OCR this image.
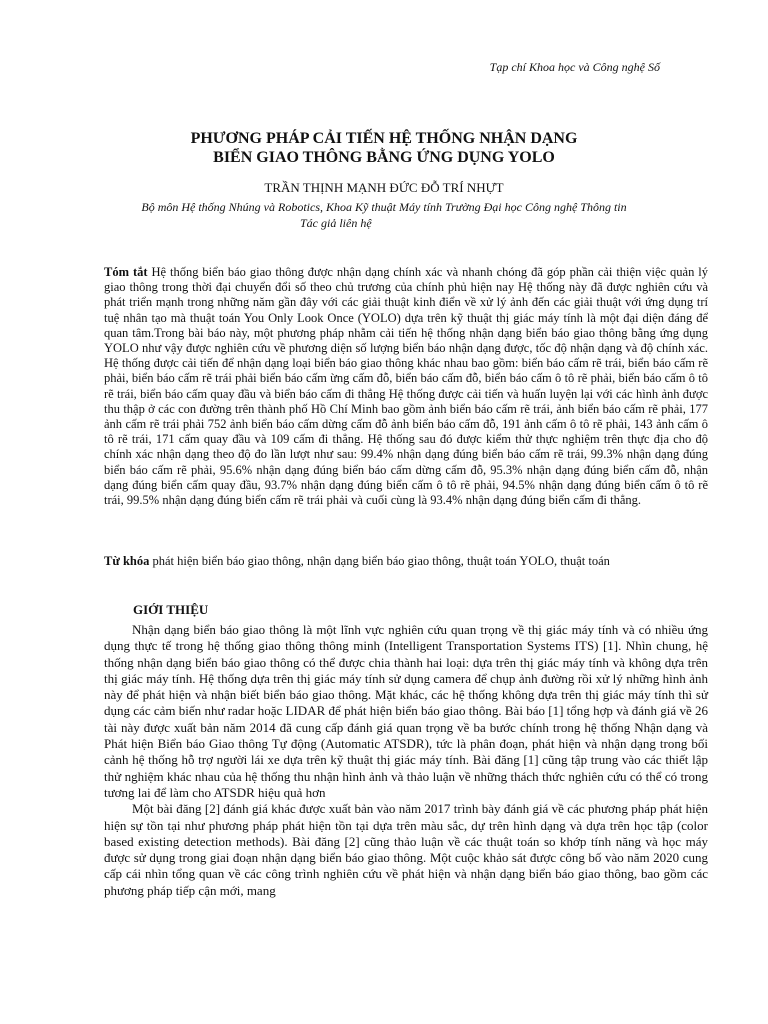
Tạp chí Khoa học và Công nghệ Số
PHƯƠNG PHÁP CẢI TIẾN HỆ THỐNG NHẬN DẠNG
BIỂN GIAO THÔNG BẰNG ỨNG DỤNG YOLO
TRẦN THỊNH MẠNH ĐỨC ĐỖ TRÍ NHỰT
Bộ môn Hệ thống Nhúng và Robotics, Khoa Kỹ thuật Máy tính Trường Đại học Công nghệ Thông tin
Tác giả liên hệ
Tóm tắt Hệ thống biển báo giao thông được nhận dạng chính xác và nhanh chóng đã góp phần cải thiện việc quản lý giao thông trong thời đại chuyển đổi số theo chủ trương của chính phủ hiện nay Hệ thống này đã được nghiên cứu và phát triển mạnh trong những năm gần đây với các giải thuật kinh điển về xử lý ảnh đến các giải thuật với ứng dụng trí tuệ nhân tạo mà thuật toán You Only Look Once (YOLO) dựa trên kỹ thuật thị giác máy tính là một đại diện đáng để quan tâm.Trong bài báo này, một phương pháp nhằm cải tiến hệ thống nhận dạng biển báo giao thông bằng ứng dụng YOLO như vậy được nghiên cứu về phương diện số lượng biển báo nhận dạng được, tốc độ nhận dạng và độ chính xác. Hệ thống được cải tiến để nhận dạng loại biển báo giao thông khác nhau bao gồm: biển báo cấm rẽ trái, biển báo cấm rẽ phải, biển báo cấm rẽ trái phải biển báo cấm ừng cấm đỗ, biển báo cấm đỗ, biển báo cấm ô tô rẽ phải, biển báo cấm ô tô rẽ trái, biển báo cấm quay đầu và biển báo cấm đi thẳng Hệ thống được cải tiến và huấn luyện lại với các hình ảnh được thu thập ở các con đường trên thành phố Hồ Chí Minh bao gồm ảnh biển báo cấm rẽ trái, ảnh biển báo cấm rẽ phải, 177 ảnh cấm rẽ trái phải 752 ảnh biển báo cấm dừng cấm đỗ ảnh biển báo cấm đỗ, 191 ảnh cấm ô tô rẽ phải, 143 ảnh cấm ô tô rẽ trái, 171 cấm quay đầu và 109 cấm đi thẳng. Hệ thống sau đó được kiểm thử thực nghiệm trên thực địa cho độ chính xác nhận dạng theo độ đo lần lượt như sau: 99.4% nhận dạng đúng biển báo cấm rẽ trái, 99.3% nhận dạng đúng biển báo cấm rẽ phải, 95.6% nhận dạng đúng biển báo cấm dừng cấm đỗ, 95.3% nhận dạng đúng biển cấm đỗ, nhận dạng đúng biển cấm quay đầu, 93.7% nhận dạng đúng biển cấm ô tô rẽ phải, 94.5% nhận dạng đúng biển cấm ô tô rẽ trái, 99.5% nhận dạng đúng biển cấm rẽ trái phải và cuối cùng là 93.4% nhận dạng đúng biển cấm đi thẳng.
Từ khóa phát hiện biển báo giao thông, nhận dạng biển báo giao thông, thuật toán YOLO, thuật toán
GIỚI THIỆU

Nhận dạng biển báo giao thông là một lĩnh vực nghiên cứu quan trọng về thị giác máy tính và có nhiều ứng dụng thực tế trong hệ thống giao thông thông minh (Intelligent Transportation Systems ITS) [1]. Nhìn chung, hệ thống nhận dạng biển báo giao thông có thể được chia thành hai loại: dựa trên thị giác máy tính và không dựa trên thị giác máy tính. Hệ thống dựa trên thị giác máy tính sử dụng camera để chụp ảnh đường rồi xử lý những hình ảnh này để phát hiện và nhận biết biển báo giao thông. Mặt khác, các hệ thống không dựa trên thị giác máy tính thì sử dụng các cảm biến như radar hoặc LIDAR để phát hiện biển báo giao thông. Bài báo [1] tổng hợp và đánh giá về 26 tài này được xuất bản năm 2014 đã cung cấp đánh giá quan trọng về ba bước chính trong hệ thống Nhận dạng và Phát hiện Biển báo Giao thông Tự động (Automatic ATSDR), tức là phân đoạn, phát hiện và nhận dạng trong bối cảnh hệ thống hỗ trợ người lái xe dựa trên kỹ thuật thị giác máy tính. Bài đăng [1] cũng tập trung vào các thiết lập thử nghiệm khác nhau của hệ thống thu nhận hình ảnh và thảo luận về những thách thức nghiên cứu có thể có trong tương lai để làm cho ATSDR hiệu quả hơn

Một bài đăng [2] đánh giá khác được xuất bản vào năm 2017 trình bày đánh giá về các phương pháp phát hiện hiện sự tồn tại như phương pháp phát hiện tồn tại dựa trên màu sắc, dự trên hình dạng và dựa trên học tập (color based existing detection methods). Bài đăng [2] cũng thảo luận về các thuật toán so khớp tính năng và học máy được sử dụng trong giai đoạn nhận dạng biển báo giao thông. Một cuộc khảo sát được công bố vào năm 2020 cung cấp cái nhìn tổng quan về các công trình nghiên cứu về phát hiện và nhận dạng biển báo giao thông, bao gồm các phương pháp tiếp cận mới, mang
